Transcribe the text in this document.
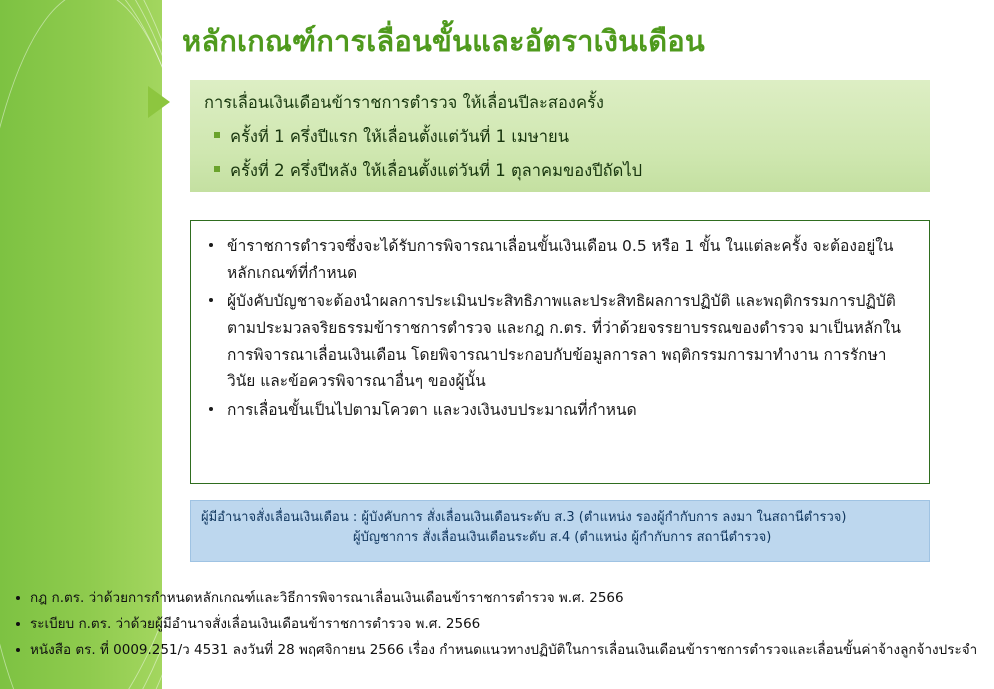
หลักเกณฑ์การเลื่อนขั้นและอัตราเงินเดือน
การเลื่อนเงินเดือนข้าราชการตำรวจ ให้เลื่อนปีละสองครั้ง
ครั้งที่ 1 ครึ่งปีแรก ให้เลื่อนตั้งแต่วันที่ 1 เมษายน
ครั้งที่ 2 ครึ่งปีหลัง ให้เลื่อนตั้งแต่วันที่ 1 ตุลาคมของปีถัดไป
ข้าราชการตำรวจซึ่งจะได้รับการพิจารณาเลื่อนขั้นเงินเดือน 0.5 หรือ 1 ขั้น ในแต่ละครั้ง จะต้องอยู่ในหลักเกณฑ์ที่กำหนด
ผู้บังคับบัญชาจะต้องนำผลการประเมินประสิทธิภาพและประสิทธิผลการปฏิบัติ และพฤติกรรมการปฏิบัติตามประมวลจริยธรรมข้าราชการตำรวจ และกฎ ก.ตร. ที่ว่าด้วยจรรยาบรรณของตำรวจ มาเป็นหลักในการพิจารณาเลื่อนเงินเดือน โดยพิจารณาประกอบกับข้อมูลการลา พฤติกรรมการมาทำงาน การรักษาวินัย และข้อควรพิจารณาอื่นๆ ของผู้นั้น
การเลื่อนขั้นเป็นไปตามโควตา และวงเงินงบประมาณที่กำหนด
ผู้มีอำนาจสั่งเลื่อนเงินเดือน : ผู้บังคับการ สั่งเลื่อนเงินเดือนระดับ ส.3 (ตำแหน่ง รองผู้กำกับการ ลงมา ในสถานีตำรวจ)
ผู้บัญชาการ สั่งเลื่อนเงินเดือนระดับ ส.4 (ตำแหน่ง ผู้กำกับการ สถานีตำรวจ)
กฎ ก.ตร. ว่าด้วยการกำหนดหลักเกณฑ์และวิธีการพิจารณาเลื่อนเงินเดือนข้าราชการตำรวจ พ.ศ. 2566
ระเบียบ ก.ตร. ว่าด้วยผู้มีอำนาจสั่งเลื่อนเงินเดือนข้าราชการตำรวจ พ.ศ. 2566
หนังสือ ตร. ที่ 0009.251/ว 4531 ลงวันที่ 28 พฤศจิกายน 2566 เรื่อง กำหนดแนวทางปฏิบัติในการเลื่อนเงินเดือนข้าราชการตำรวจและเลื่อนขั้นค่าจ้างลูกจ้างประจำ
